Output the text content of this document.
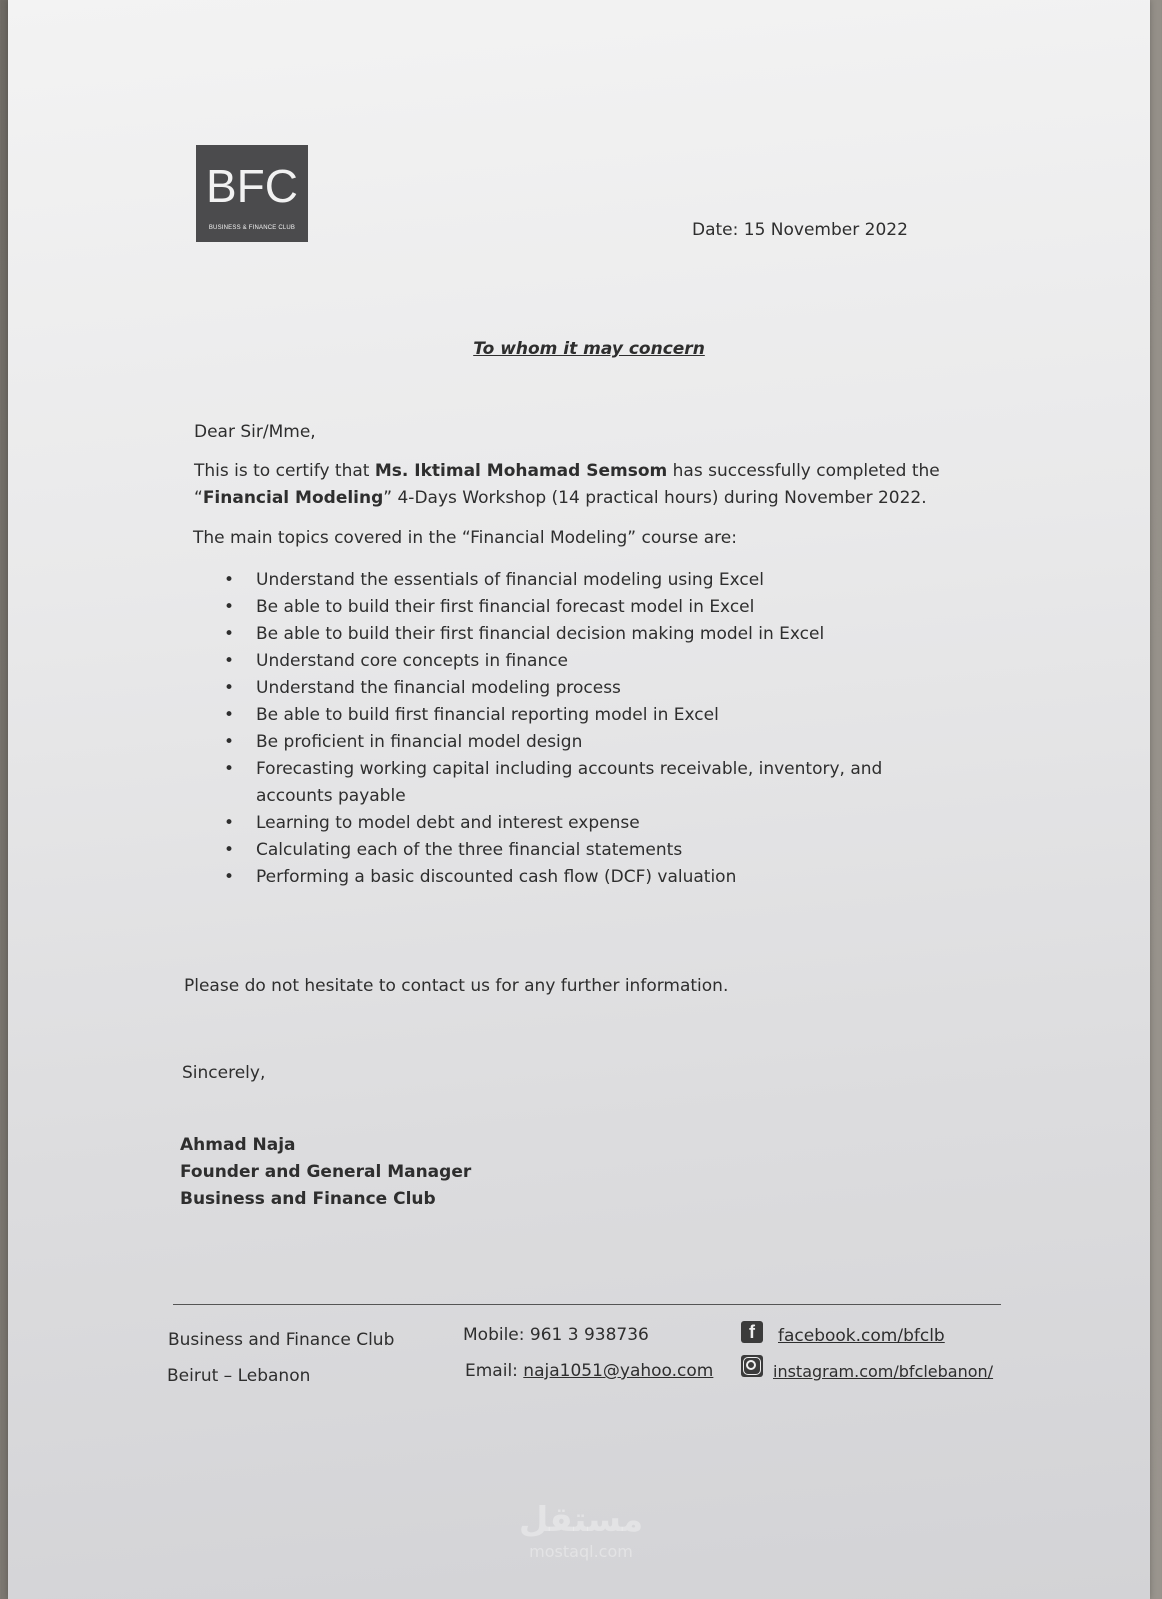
BFC
BUSINESS & FINANCE CLUB	Date: 15 November 2022
To whom it may concern
Dear Sir/Mme,
This is to certify that Ms. Iktimal Mohamad Semsom has successfully completed the “Financial Modeling” 4-Days Workshop (14 practical hours) during November 2022.
The main topics covered in the “Financial Modeling” course are:
• Understand the essentials of financial modeling using Excel
• Be able to build their first financial forecast model in Excel
• Be able to build their first financial decision making model in Excel
• Understand core concepts in finance
• Understand the financial modeling process
• Be able to build first financial reporting model in Excel
• Be proficient in financial model design
• Forecasting working capital including accounts receivable, inventory, and accounts payable
• Learning to model debt and interest expense
• Calculating each of the three financial statements
• Performing a basic discounted cash flow (DCF) valuation
Please do not hesitate to contact us for any further information.
Sincerely,
Ahmad Naja
Founder and General Manager
Business and Finance Club
Business and Finance Club
Beirut – Lebanon
Mobile: 961 3 938736
Email: naja1051@yahoo.com
f	facebook.com/bfclb
instagram.com/bfclebanon/
مستقل
mostaql.com
